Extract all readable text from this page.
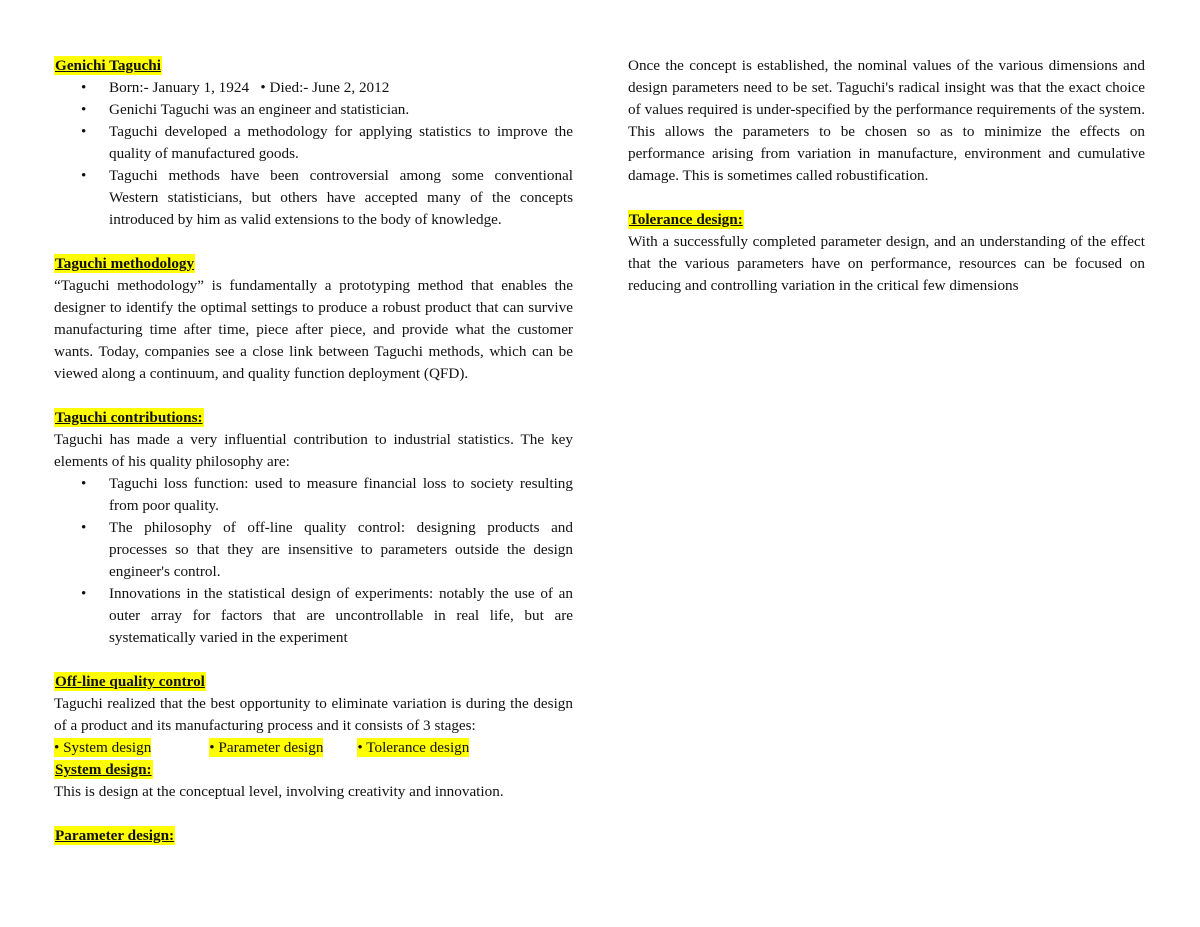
Genichi Taguchi
• Born:- January 1, 1924   • Died:- June 2, 2012
• Genichi Taguchi was an engineer and statistician.
• Taguchi developed a methodology for applying statistics to improve the quality of manufactured goods.
• Taguchi methods have been controversial among some conventional Western statisticians, but others have accepted many of the concepts introduced by him as valid extensions to the body of knowledge.
Taguchi methodology

“Taguchi methodology” is fundamentally a prototyping method that enables the designer to identify the optimal settings to produce a robust product that can survive manufacturing time after time, piece after piece, and provide what the customer wants. Today, companies see a close link between Taguchi methods, which can be viewed along a continuum, and quality function deployment (QFD).

Taguchi contributions:

Taguchi has made a very influential contribution to industrial statistics. The key elements of his quality philosophy are:

• Taguchi loss function: used to measure financial loss to society resulting from poor quality.
• The philosophy of off-line quality control: designing products and processes so that they are insensitive to parameters outside the design engineer's control.
• Innovations in the statistical design of experiments: notably the use of an outer array for factors that are uncontrollable in real life, but are systematically varied in the experiment
Off-line quality control

Taguchi realized that the best opportunity to eliminate variation is during the design of a product and its manufacturing process and it consists of 3 stages:

• System design	• Parameter design • Tolerance design
System design:

This is design at the conceptual level, involving creativity and innovation.

Parameter design:

Once the concept is established, the nominal values of the various dimensions and design parameters need to be set. Taguchi's radical insight was that the exact choice of values required is under-specified by the performance requirements of the system. This allows the parameters to be chosen so as to minimize the effects on performance arising from variation in manufacture, environment and cumulative damage. This is sometimes called robustification.

Tolerance design:

With a successfully completed parameter design, and an understanding of the effect that the various parameters have on performance, resources can be focused on reducing and controlling variation in the critical few dimensions
